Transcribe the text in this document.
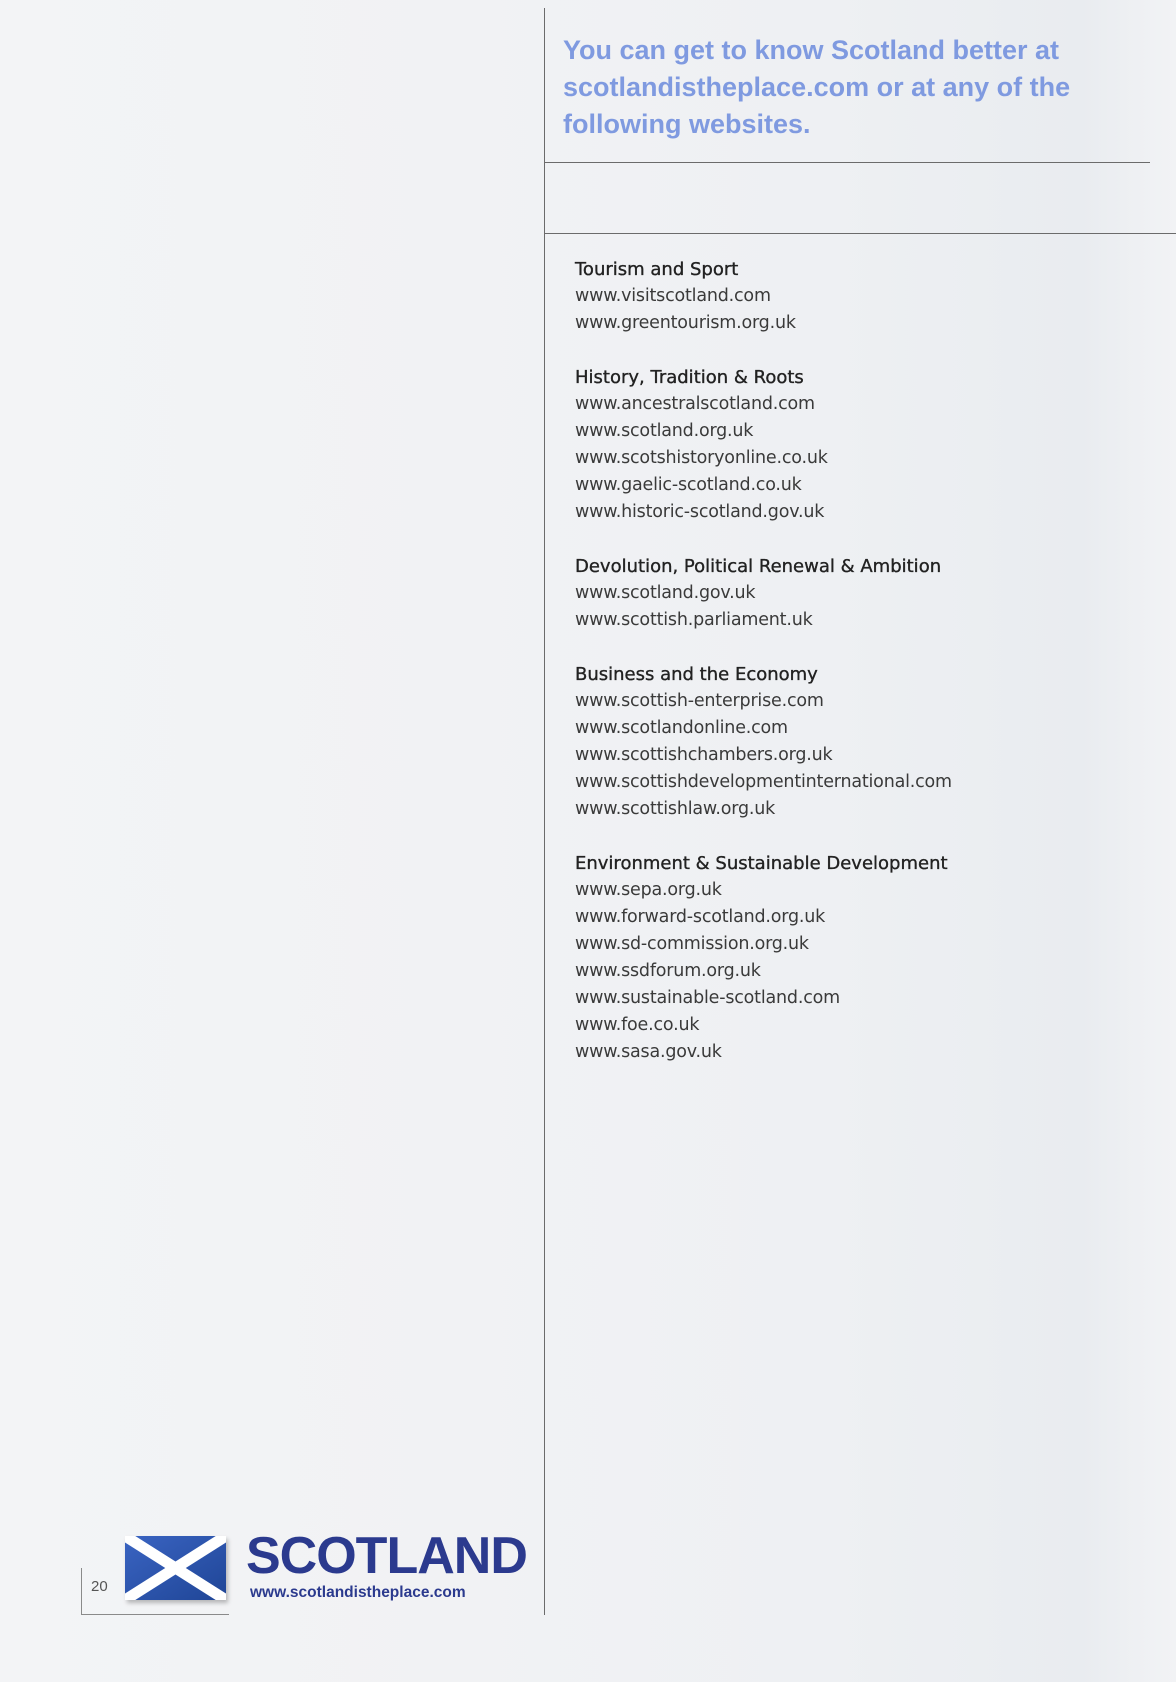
You can get to know Scotland better at scotlandistheplace.com or at any of the following websites.

Tourism and Sport
www.visitscotland.com
www.greentourism.org.uk
History, Tradition & Roots
www.ancestralscotland.com
www.scotland.org.uk
www.scotshistoryonline.co.uk
www.gaelic-scotland.co.uk
www.historic-scotland.gov.uk
Devolution, Political Renewal & Ambition
www.scotland.gov.uk
www.scottish.parliament.uk
Business and the Economy
www.scottish-enterprise.com
www.scotlandonline.com
www.scottishchambers.org.uk
www.scottishdevelopmentinternational.com
www.scottishlaw.org.uk
Environment & Sustainable Development
www.sepa.org.uk
www.forward-scotland.org.uk
www.sd-commission.org.uk
www.ssdforum.org.uk
www.sustainable-scotland.com
www.foe.co.uk
www.sasa.gov.uk
20
SCOTLAND
www.scotlandistheplace.com
